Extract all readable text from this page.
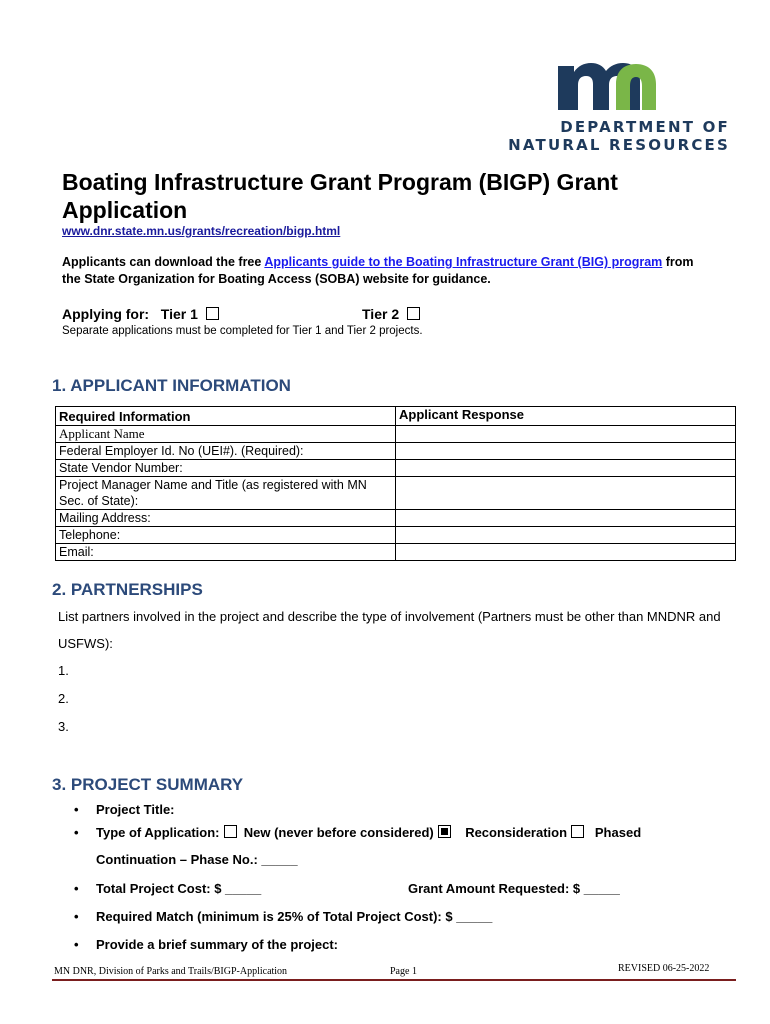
DEPARTMENT OF
NATURAL RESOURCES
Boating Infrastructure Grant Program (BIGP) Grant Application
www.dnr.state.mn.us/grants/recreation/bigp.html
Applicants can download the free Applicants guide to the Boating Infrastructure Grant (BIG) program from the State Organization for Boating Access (SOBA) website for guidance.
Applying for: Tier 1	Tier 2
Separate applications must be completed for Tier 1 and Tier 2 projects.
1. APPLICANT INFORMATION
Required Information	Applicant Response
Applicant Name	
Federal Employer Id. No (UEI#). (Required):	
State Vendor Number:	
Project Manager Name and Title (as registered with MN Sec. of State):	
Mailing Address:	
Telephone:	
Email:	
2. PARTNERSHIPS
List partners involved in the project and describe the type of involvement (Partners must be other than MNDNR and USFWS):
1.
2.
3.
3. PROJECT SUMMARY
• Project Title:
• Type of Application: New (never before considered) Reconsideration Phased
Continuation – Phase No.: _____
• Total Project Cost: $ _____	Grant Amount Requested: $ _____
• Required Match (minimum is 25% of Total Project Cost): $ _____
• Provide a brief summary of the project:
MN DNR, Division of Parks and Trails/BIGP-Application	Page 1	REVISED 06-25-2022
